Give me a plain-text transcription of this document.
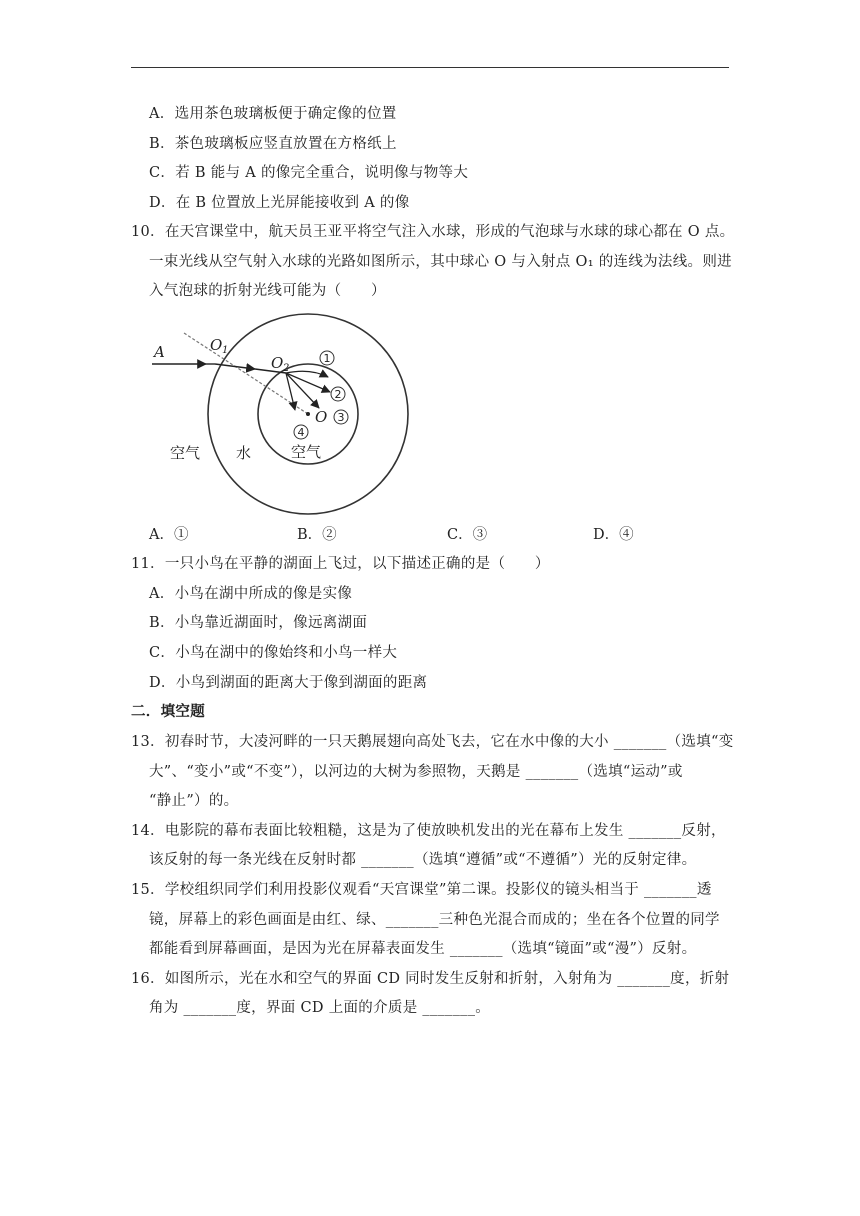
A．选用茶色玻璃板便于确定像的位置
B．茶色玻璃板应竖直放置在方格纸上
C．若 B 能与 A 的像完全重合，说明像与物等大
D．在 B 位置放上光屏能接收到 A 的像
10．在天宫课堂中，航天员王亚平将空气注入水球，形成的气泡球与水球的球心都在 O 点。
一束光线从空气射入水球的光路如图所示，其中球心 O 与入射点 O₁ 的连线为法线。则进
入气泡球的折射光线可能为（　　）
A	O 1
O 2
O
1
2
3
4
空气 水	空气
A．①	B．②	C．③	D．④
11．一只小鸟在平静的湖面上飞过，以下描述正确的是（　　）
A．小鸟在湖中所成的像是实像
B．小鸟靠近湖面时，像远离湖面
C．小鸟在湖中的像始终和小鸟一样大
D．小鸟到湖面的距离大于像到湖面的距离
二．填空题
13．初春时节，大凌河畔的一只天鹅展翅向高处飞去，它在水中像的大小 _______（选填“变
大”、“变小”或“不变”），以河边的大树为参照物，天鹅是 _______（选填“运动”或
“静止”）的。
14．电影院的幕布表面比较粗糙，这是为了使放映机发出的光在幕布上发生 _______反射，
该反射的每一条光线在反射时都 _______（选填“遵循”或“不遵循”）光的反射定律。
15．学校组织同学们利用投影仪观看“天宫课堂”第二课。投影仪的镜头相当于 _______透
镜，屏幕上的彩色画面是由红、绿、_______三种色光混合而成的；坐在各个位置的同学
都能看到屏幕画面，是因为光在屏幕表面发生 _______（选填“镜面”或“漫”）反射。
16．如图所示，光在水和空气的界面 CD 同时发生反射和折射，入射角为 _______度，折射
角为 _______度，界面 CD 上面的介质是 _______。
